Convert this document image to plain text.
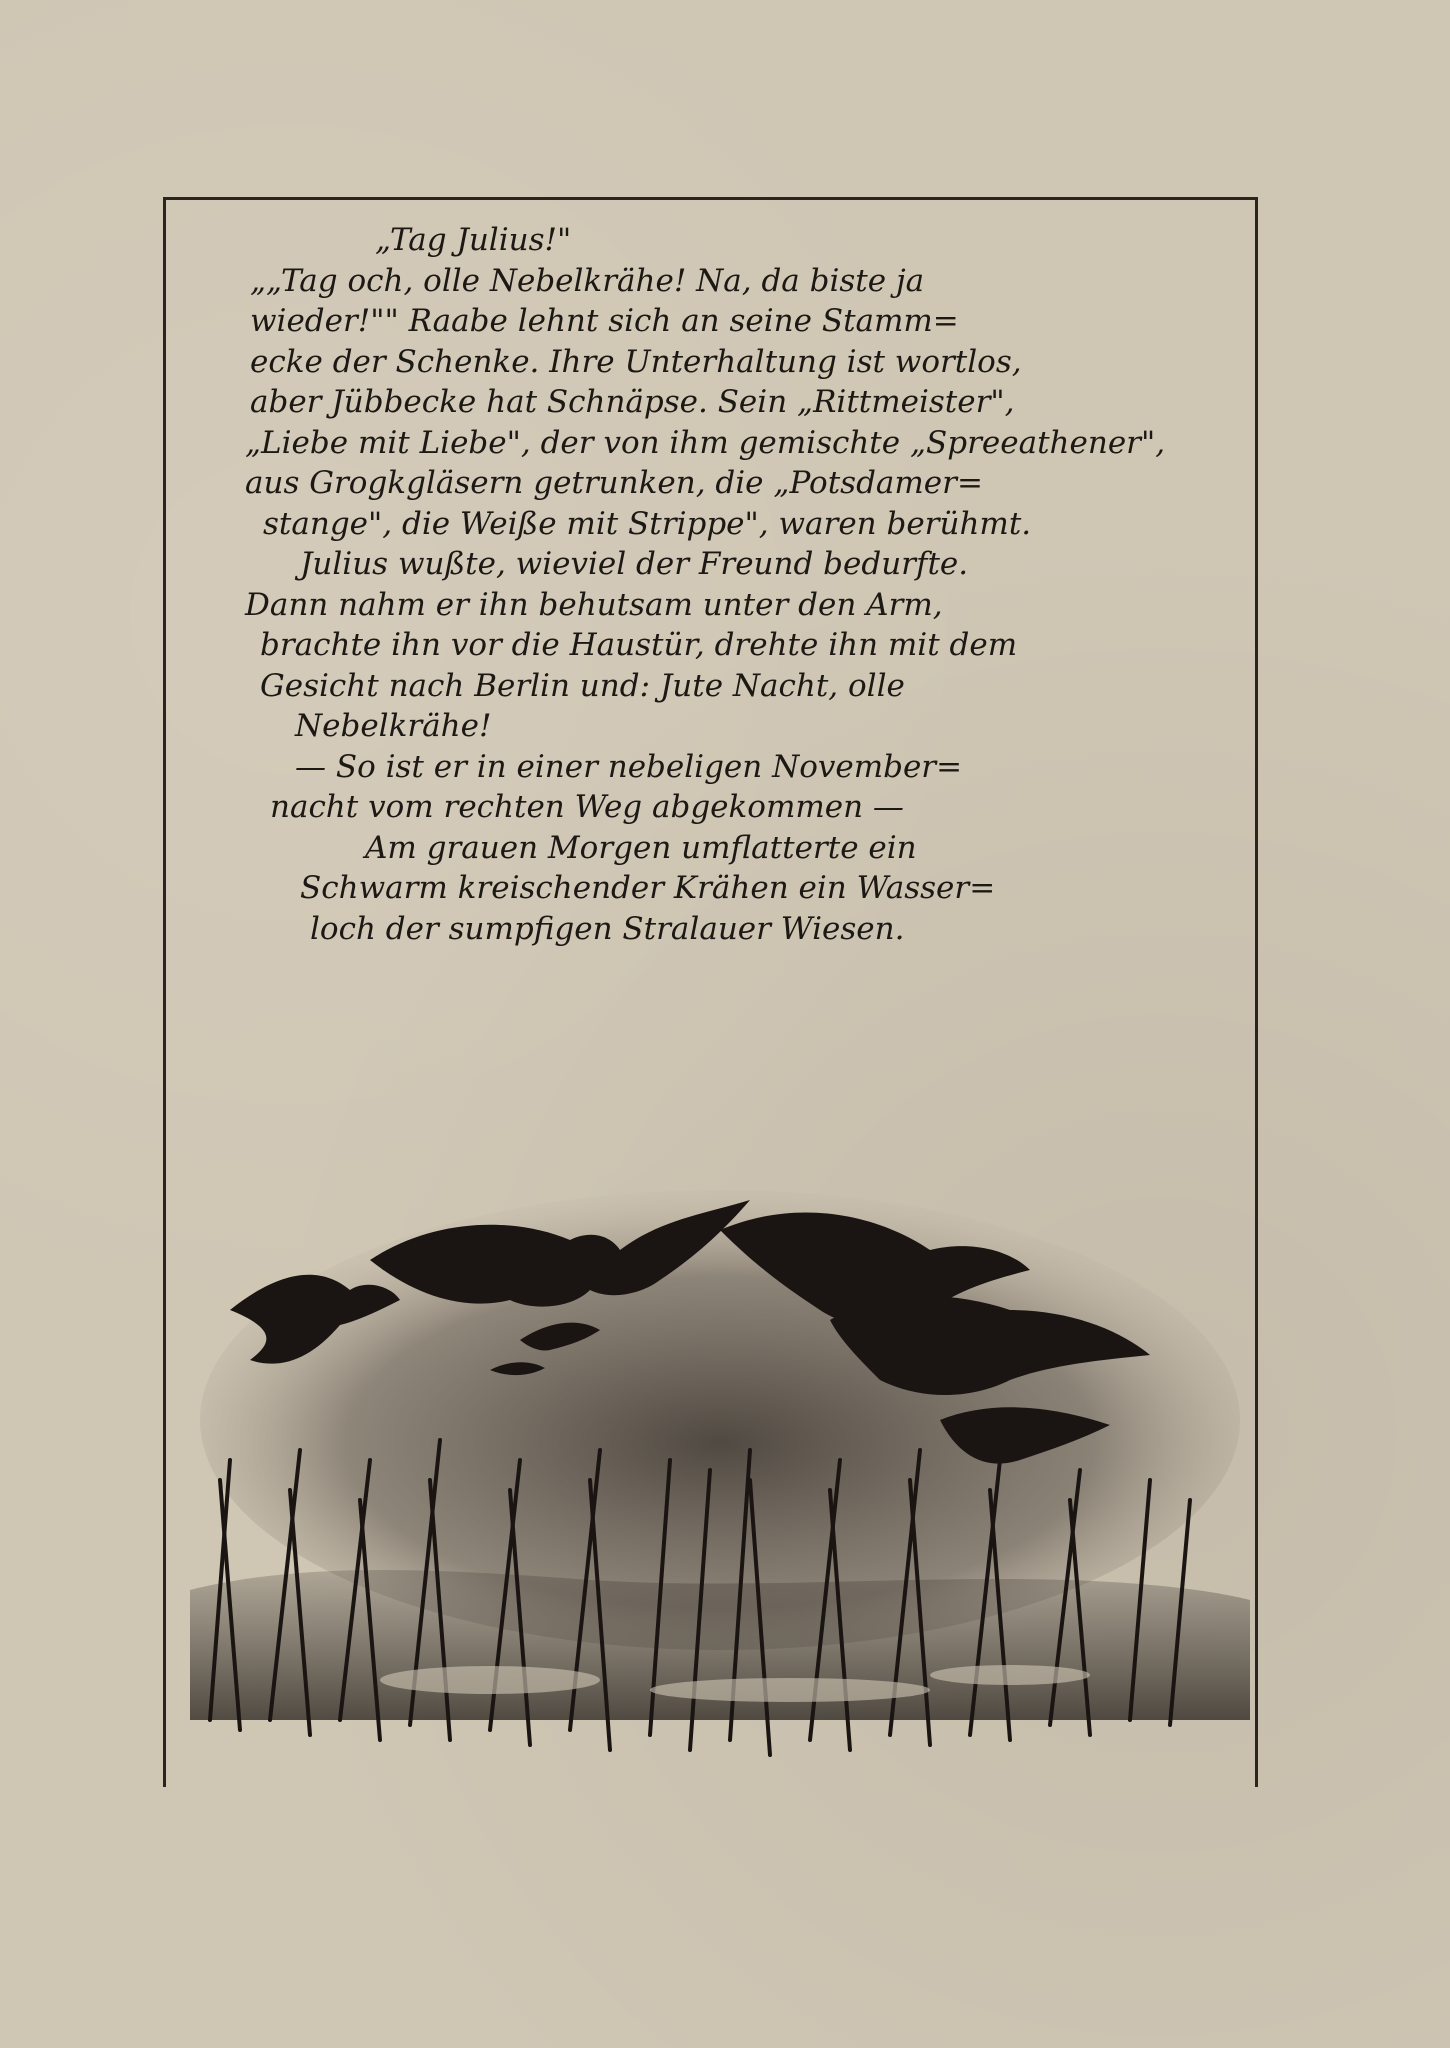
„Tag Julius!"
„„Tag och, olle Nebelkrähe! Na, da biste ja
wieder!"" Raabe lehnt sich an seine Stamm=
ecke der Schenke. Ihre Unterhaltung ist wortlos,
aber Jübbecke hat Schnäpse. Sein „Rittmeister",
„Liebe mit Liebe", der von ihm gemischte „Spreeathener",
aus Grogkgläsern getrunken, die „Potsdamer=
stange", die Weiße mit Strippe", waren berühmt.
Julius wußte, wieviel der Freund bedurfte.
Dann nahm er ihn behutsam unter den Arm,
brachte ihn vor die Haustür, drehte ihn mit dem
Gesicht nach Berlin und: Jute Nacht, olle
Nebelkrähe!
— So ist er in einer nebeligen November=
nacht vom rechten Weg abgekommen —
Am grauen Morgen umflatterte ein
Schwarm kreischender Krähen ein Wasser=
loch der sumpfigen Stralauer Wiesen.
